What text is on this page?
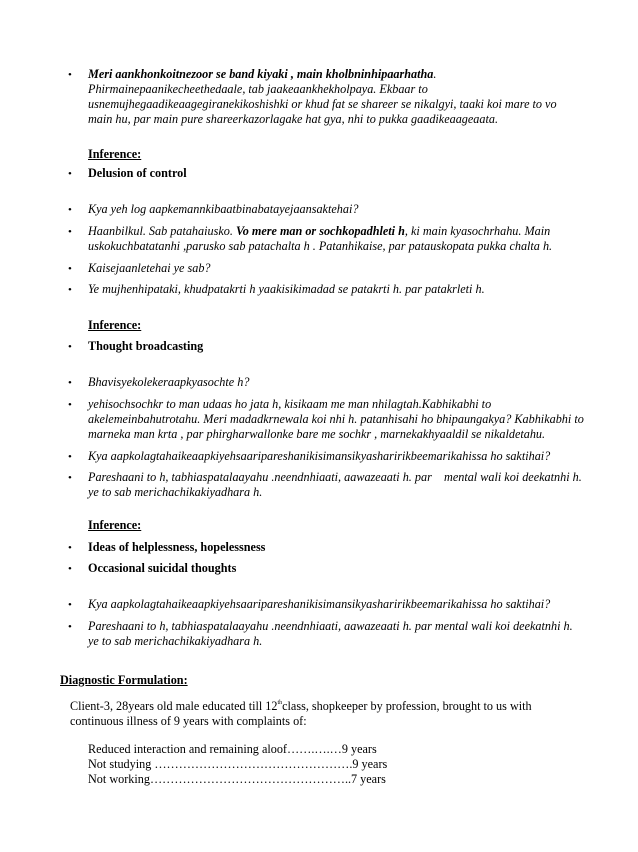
• Meri aankhonkoitnezoor se band kiyaki , main kholbninhipaarhatha.
Phirmainepaanikecheethedaale, tab jaakeaankhekholpaya. Ekbaar to
usnemujhegaadikeaagegiranekikoshishki or khud fat se shareer se nikalgyi, taaki koi mare to vo
main hu, par main pure shareerkazorlagake hat gya, nhi to pukka gaadikeaageaata.
Inference:
• Delusion of control
• Kya yeh log aapkemannkibaatbinabatayejaansaktehai?
• Haanbilkul. Sab patahaiusko. Vo mere man or sochkopadhleti h, ki main kyasochrhahu. Main
uskokuchbatatanhi ,parusko sab patachalta h . Patanhikaise, par patauskopata pukka chalta h.
• Kaisejaanletehai ye sab?
• Ye mujhenhipataki, khudpatakrti h yaakisikimadad se patakrti h. par patakrleti h.
Inference:
• Thought broadcasting
• Bhavisyekolekeraapkyasochte h?
• yehisochsochkr to man udaas ho jata h, kisikaam me man nhilagtah.Kabhikabhi to
akelemeinbahutrotahu. Meri madadkrnewala koi nhi h. patanhisahi ho bhipaungakya? Kabhikabhi to
marneka man krta , par phirgharwallonke bare me sochkr , marnekakhyaaldil se nikaldetahu.
• Kya aapkolagtahaikeaapkiyehsaaripareshanikisimansikyasharirikbeemarikahissa ho saktihai?
• Pareshaani to h, tabhiaspatalaayahu .neendnhiaati, aawazeaati h. par    mental wali koi deekatnhi h.
ye to sab merichachikakiyadhara h.
Inference:
• Ideas of helplessness, hopelessness
• Occasional suicidal thoughts
• Kya aapkolagtahaikeaapkiyehsaaripareshanikisimansikyasharirikbeemarikahissa ho saktihai?
• Pareshaani to h, tabhiaspatalaayahu .neendnhiaati, aawazeaati h. par mental wali koi deekatnhi h.
ye to sab merichachikakiyadhara h.
Diagnostic Formulation:
Client-3, 28years old male educated till 12thclass, shopkeeper by profession, brought to us with
continuous illness of 9 years with complaints of:
Reduced interaction and remaining aloof…….….…9 years
Not studying ………………………………………….9 years
Not working…………………………………………..7 years
